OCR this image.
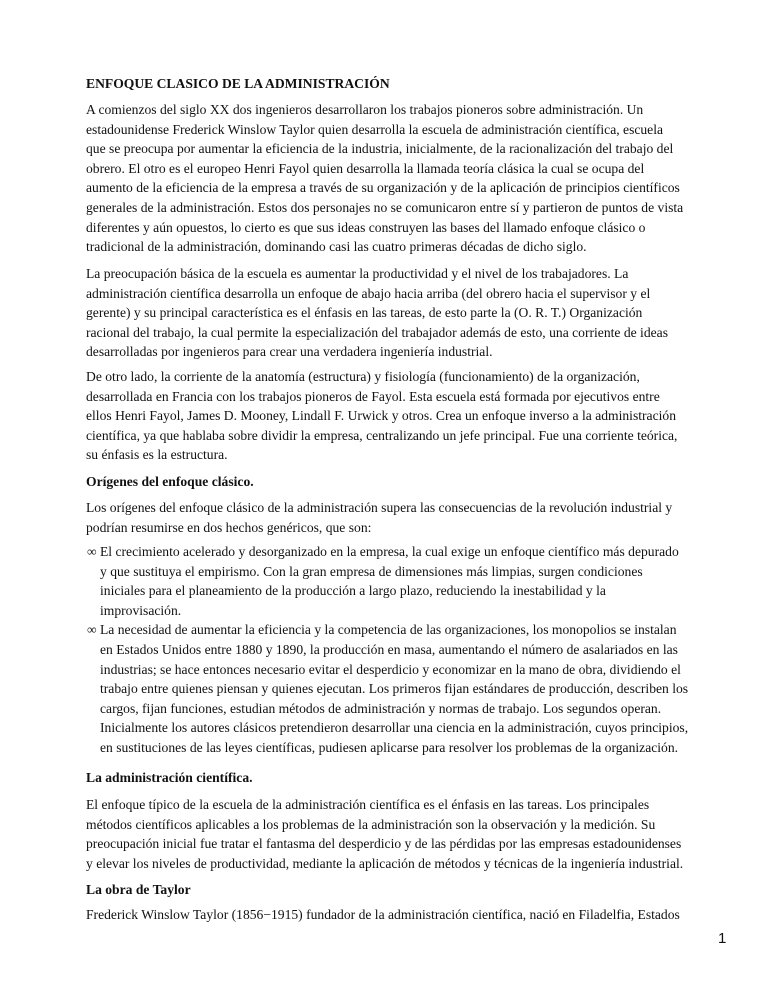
ENFOQUE CLASICO DE LA ADMINISTRACIÓN
A comienzos del siglo XX dos ingenieros desarrollaron los trabajos pioneros sobre administración. Un
estadounidense Frederick Winslow Taylor quien desarrolla la escuela de administración científica, escuela
que se preocupa por aumentar la eficiencia de la industria, inicialmente, de la racionalización del trabajo del
obrero. El otro es el europeo Henri Fayol quien desarrolla la llamada teoría clásica la cual se ocupa del
aumento de la eficiencia de la empresa a través de su organización y de la aplicación de principios científicos
generales de la administración. Estos dos personajes no se comunicaron entre sí y partieron de puntos de vista
diferentes y aún opuestos, lo cierto es que sus ideas construyen las bases del llamado enfoque clásico o
tradicional de la administración, dominando casi las cuatro primeras décadas de dicho siglo.
La preocupación básica de la escuela es aumentar la productividad y el nivel de los trabajadores. La
administración científica desarrolla un enfoque de abajo hacia arriba (del obrero hacia el supervisor y el
gerente) y su principal característica es el énfasis en las tareas, de esto parte la (O. R. T.) Organización
racional del trabajo, la cual permite la especialización del trabajador además de esto, una corriente de ideas
desarrolladas por ingenieros para crear una verdadera ingeniería industrial.
De otro lado, la corriente de la anatomía (estructura) y fisiología (funcionamiento) de la organización,
desarrollada en Francia con los trabajos pioneros de Fayol. Esta escuela está formada por ejecutivos entre
ellos Henri Fayol, James D. Mooney, Lindall F. Urwick y otros. Crea un enfoque inverso a la administración
científica, ya que hablaba sobre dividir la empresa, centralizando un jefe principal. Fue una corriente teórica,
su énfasis es la estructura.
Orígenes del enfoque clásico.
Los orígenes del enfoque clásico de la administración supera las consecuencias de la revolución industrial y
podrían resumirse en dos hechos genéricos, que son:
∞ El crecimiento acelerado y desorganizado en la empresa, la cual exige un enfoque científico más depurado
y que sustituya el empirismo. Con la gran empresa de dimensiones más limpias, surgen condiciones
iniciales para el planeamiento de la producción a largo plazo, reduciendo la inestabilidad y la
improvisación.
∞ La necesidad de aumentar la eficiencia y la competencia de las organizaciones, los monopolios se instalan
en Estados Unidos entre 1880 y 1890, la producción en masa, aumentando el número de asalariados en las
industrias; se hace entonces necesario evitar el desperdicio y economizar en la mano de obra, dividiendo el
trabajo entre quienes piensan y quienes ejecutan. Los primeros fijan estándares de producción, describen los
cargos, fijan funciones, estudian métodos de administración y normas de trabajo. Los segundos operan.
Inicialmente los autores clásicos pretendieron desarrollar una ciencia en la administración, cuyos principios,
en sustituciones de las leyes científicas, pudiesen aplicarse para resolver los problemas de la organización.
La administración científica.
El enfoque típico de la escuela de la administración científica es el énfasis en las tareas. Los principales
métodos científicos aplicables a los problemas de la administración son la observación y la medición. Su
preocupación inicial fue tratar el fantasma del desperdicio y de las pérdidas por las empresas estadounidenses
y elevar los niveles de productividad, mediante la aplicación de métodos y técnicas de la ingeniería industrial.
La obra de Taylor
Frederick Winslow Taylor (1856−1915) fundador de la administración científica, nació en Filadelfia, Estados
1
